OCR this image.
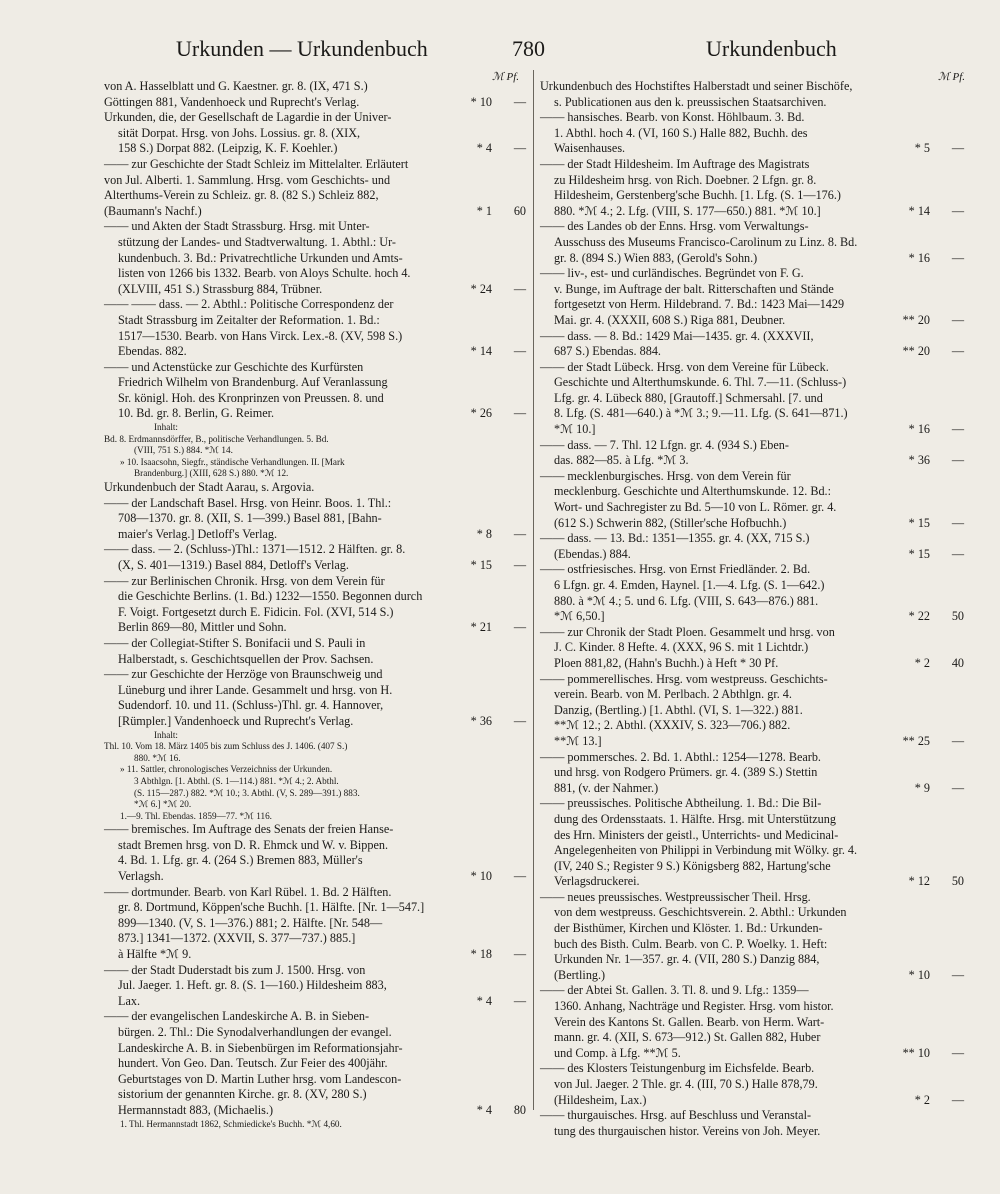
Urkunden — Urkundenbuch	780	Urkundenbuch
ℳ Pf.	ℳ Pf.
von A. Hasselblatt und G. Kaestner. gr. 8. (IX, 471 S.)
Göttingen 881, Vandenhoeck und Ruprecht's Verlag.	* 10	—
Urkunden, die, der Gesellschaft de Lagardie in der Univer-
sität Dorpat. Hrsg. von Johs. Lossius. gr. 8. (XIX,
158 S.) Dorpat 882. (Leipzig, K. F. Koehler.)	* 4	—
—— zur Geschichte der Stadt Schleiz im Mittelalter. Erläutert
von Jul. Alberti. 1. Sammlung. Hrsg. vom Geschichts- und
Alterthums-Verein zu Schleiz. gr. 8. (82 S.) Schleiz 882,
(Baumann's Nachf.)	* 1	60
—— und Akten der Stadt Strassburg. Hrsg. mit Unter-
stützung der Landes- und Stadtverwaltung. 1. Abthl.: Ur-
kundenbuch. 3. Bd.: Privatrechtliche Urkunden und Amts-
listen von 1266 bis 1332. Bearb. von Aloys Schulte. hoch 4.
(XLVIII, 451 S.) Strassburg 884, Trübner.	* 24	—
—— —— dass. — 2. Abthl.: Politische Correspondenz der
Stadt Strassburg im Zeitalter der Reformation. 1. Bd.:
1517—1530. Bearb. von Hans Virck. Lex.-8. (XV, 598 S.)
Ebendas. 882.	* 14	—
—— und Actenstücke zur Geschichte des Kurfürsten
Friedrich Wilhelm von Brandenburg. Auf Veranlassung
Sr. königl. Hoh. des Kronprinzen von Preussen. 8. und
10. Bd. gr. 8. Berlin, G. Reimer.	* 26	—
Inhalt:
Bd. 8. Erdmannsdörffer, B., politische Verhandlungen. 5. Bd.
(VIII, 751 S.) 884. *ℳ 14.
» 10. Isaacsohn, Siegfr., ständische Verhandlungen. II. [Mark
Brandenburg.] (XIII, 628 S.) 880. *ℳ 12.
Urkundenbuch der Stadt Aarau, s. Argovia.
—— der Landschaft Basel. Hrsg. von Heinr. Boos. 1. Thl.:
708—1370. gr. 8. (XII, S. 1—399.) Basel 881, [Bahn-
maier's Verlag.] Detloff's Verlag.	* 8	—
—— dass. — 2. (Schluss-)Thl.: 1371—1512. 2 Hälften. gr. 8.
(X, S. 401—1319.) Basel 884, Detloff's Verlag.	* 15	—
—— zur Berlinischen Chronik. Hrsg. von dem Verein für
die Geschichte Berlins. (1. Bd.) 1232—1550. Begonnen durch
F. Voigt. Fortgesetzt durch E. Fidicin. Fol. (XVI, 514 S.)
Berlin 869—80, Mittler und Sohn.	* 21	—
—— der Collegiat-Stifter S. Bonifacii und S. Pauli in
Halberstadt, s. Geschichtsquellen der Prov. Sachsen.
—— zur Geschichte der Herzöge von Braunschweig und
Lüneburg und ihrer Lande. Gesammelt und hrsg. von H.
Sudendorf. 10. und 11. (Schluss-)Thl. gr. 4. Hannover,
[Rümpler.] Vandenhoeck und Ruprecht's Verlag.	* 36	—
Inhalt:
Thl. 10. Vom 18. März 1405 bis zum Schluss des J. 1406. (407 S.)
880. *ℳ 16.
» 11. Sattler, chronologisches Verzeichniss der Urkunden.
3 Abthlgn. [1. Abthl. (S. 1—114.) 881. *ℳ 4.; 2. Abthl.
(S. 115—287.) 882. *ℳ 10.; 3. Abthl. (V, S. 289—391.) 883.
*ℳ 6.] *ℳ 20.
1.—9. Thl. Ebendas. 1859—77. *ℳ 116.
—— bremisches. Im Auftrage des Senats der freien Hanse-
stadt Bremen hrsg. von D. R. Ehmck und W. v. Bippen.
4. Bd. 1. Lfg. gr. 4. (264 S.) Bremen 883, Müller's
Verlagsh.	* 10	—
—— dortmunder. Bearb. von Karl Rübel. 1. Bd. 2 Hälften.
gr. 8. Dortmund, Köppen'sche Buchh. [1. Hälfte. [Nr. 1—547.]
899—1340. (V, S. 1—376.) 881; 2. Hälfte. [Nr. 548—
873.] 1341—1372. (XXVII, S. 377—737.) 885.]
à Hälfte *ℳ 9.	* 18	—
—— der Stadt Duderstadt bis zum J. 1500. Hrsg. von
Jul. Jaeger. 1. Heft. gr. 8. (S. 1—160.) Hildesheim 883,
Lax.	* 4	—
—— der evangelischen Landeskirche A. B. in Sieben-
bürgen. 2. Thl.: Die Synodalverhandlungen der evangel.
Landeskirche A. B. in Siebenbürgen im Reformationsjahr-
hundert. Von Geo. Dan. Teutsch. Zur Feier des 400jähr.
Geburtstages von D. Martin Luther hrsg. vom Landescon-
sistorium der genannten Kirche. gr. 8. (XV, 280 S.)
Hermannstadt 883, (Michaelis.)	* 4	80
1. Thl. Hermannstadt 1862, Schmiedicke's Buchh. *ℳ 4,60.
Urkundenbuch des Hochstiftes Halberstadt und seiner Bischöfe,
s. Publicationen aus den k. preussischen Staatsarchiven.
—— hansisches. Bearb. von Konst. Höhlbaum. 3. Bd.
1. Abthl. hoch 4. (VI, 160 S.) Halle 882, Buchh. des
Waisenhauses.	* 5	—
—— der Stadt Hildesheim. Im Auftrage des Magistrats
zu Hildesheim hrsg. von Rich. Doebner. 2 Lfgn. gr. 8.
Hildesheim, Gerstenberg'sche Buchh. [1. Lfg. (S. 1—176.)
880. *ℳ 4.; 2. Lfg. (VIII, S. 177—650.) 881. *ℳ 10.]	* 14	—
—— des Landes ob der Enns. Hrsg. vom Verwaltungs-
Ausschuss des Museums Francisco-Carolinum zu Linz. 8. Bd.
gr. 8. (894 S.) Wien 883, (Gerold's Sohn.)	* 16	—
—— liv-, est- und curländisches. Begründet von F. G.
v. Bunge, im Auftrage der balt. Ritterschaften und Stände
fortgesetzt von Herm. Hildebrand. 7. Bd.: 1423 Mai—1429
Mai. gr. 4. (XXXII, 608 S.) Riga 881, Deubner.	** 20	—
—— dass. — 8. Bd.: 1429 Mai—1435. gr. 4. (XXXVII,
687 S.) Ebendas. 884.	** 20	—
—— der Stadt Lübeck. Hrsg. von dem Vereine für Lübeck.
Geschichte und Alterthumskunde. 6. Thl. 7.—11. (Schluss-)
Lfg. gr. 4. Lübeck 880, [Grautoff.] Schmersahl. [7. und
8. Lfg. (S. 481—640.) à *ℳ 3.; 9.—11. Lfg. (S. 641—871.)
*ℳ 10.]	* 16	—
—— dass. — 7. Thl. 12 Lfgn. gr. 4. (934 S.) Eben-
das. 882—85. à Lfg. *ℳ 3.	* 36	—
—— mecklenburgisches. Hrsg. von dem Verein für
mecklenburg. Geschichte und Alterthumskunde. 12. Bd.:
Wort- und Sachregister zu Bd. 5—10 von L. Römer. gr. 4.
(612 S.) Schwerin 882, (Stiller'sche Hofbuchh.)	* 15	—
—— dass. — 13. Bd.: 1351—1355. gr. 4. (XX, 715 S.)
(Ebendas.) 884.	* 15	—
—— ostfriesisches. Hrsg. von Ernst Friedländer. 2. Bd.
6 Lfgn. gr. 4. Emden, Haynel. [1.—4. Lfg. (S. 1—642.)
880. à *ℳ 4.; 5. und 6. Lfg. (VIII, S. 643—876.) 881.
*ℳ 6,50.]	* 22	50
—— zur Chronik der Stadt Ploen. Gesammelt und hrsg. von
J. C. Kinder. 8 Hefte. 4. (XXX, 96 S. mit 1 Lichtdr.)
Ploen 881,82, (Hahn's Buchh.) à Heft * 30 Pf.	* 2	40
—— pommerellisches. Hrsg. vom westpreuss. Geschichts-
verein. Bearb. von M. Perlbach. 2 Abthlgn. gr. 4.
Danzig, (Bertling.) [1. Abthl. (VI, S. 1—322.) 881.
**ℳ 12.; 2. Abthl. (XXXIV, S. 323—706.) 882.
**ℳ 13.]	** 25	—
—— pommersches. 2. Bd. 1. Abthl.: 1254—1278. Bearb.
und hrsg. von Rodgero Prümers. gr. 4. (389 S.) Stettin
881, (v. der Nahmer.)	* 9	—
—— preussisches. Politische Abtheilung. 1. Bd.: Die Bil-
dung des Ordensstaats. 1. Hälfte. Hrsg. mit Unterstützung
des Hrn. Ministers der geistl., Unterrichts- und Medicinal-
Angelegenheiten von Philippi in Verbindung mit Wölky. gr. 4.
(IV, 240 S.; Register 9 S.) Königsberg 882, Hartung'sche
Verlagsdruckerei.	* 12	50
—— neues preussisches. Westpreussischer Theil. Hrsg.
von dem westpreuss. Geschichtsverein. 2. Abthl.: Urkunden
der Bisthümer, Kirchen und Klöster. 1. Bd.: Urkunden-
buch des Bisth. Culm. Bearb. von C. P. Woelky. 1. Heft:
Urkunden Nr. 1—357. gr. 4. (VII, 280 S.) Danzig 884,
(Bertling.)	* 10	—
—— der Abtei St. Gallen. 3. Tl. 8. und 9. Lfg.: 1359—
1360. Anhang, Nachträge und Register. Hrsg. vom histor.
Verein des Kantons St. Gallen. Bearb. von Herm. Wart-
mann. gr. 4. (XII, S. 673—912.) St. Gallen 882, Huber
und Comp. à Lfg. **ℳ 5.	** 10	—
—— des Klosters Teistungenburg im Eichsfelde. Bearb.
von Jul. Jaeger. 2 Thle. gr. 4. (III, 70 S.) Halle 878,79.
(Hildesheim, Lax.)	* 2	—
—— thurgauisches. Hrsg. auf Beschluss und Veranstal-
tung des thurgauischen histor. Vereins von Joh. Meyer.
